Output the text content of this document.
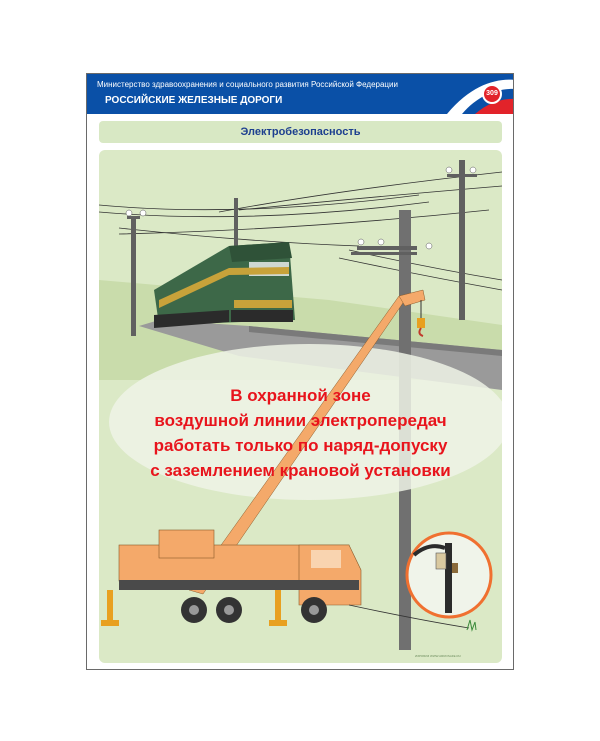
Министерство здравоохранения и социального развития Российской Федерации
РОССИЙСКИЕ ЖЕЛЕЗНЫЕ ДОРОГИ
309
Электробезопасность
В охранной зоне
воздушной линии электропередач
работать только по наряд-допуску
с заземлением крановой установки
ИЗРОБИЗ WWW.ARROSAFE.RU
